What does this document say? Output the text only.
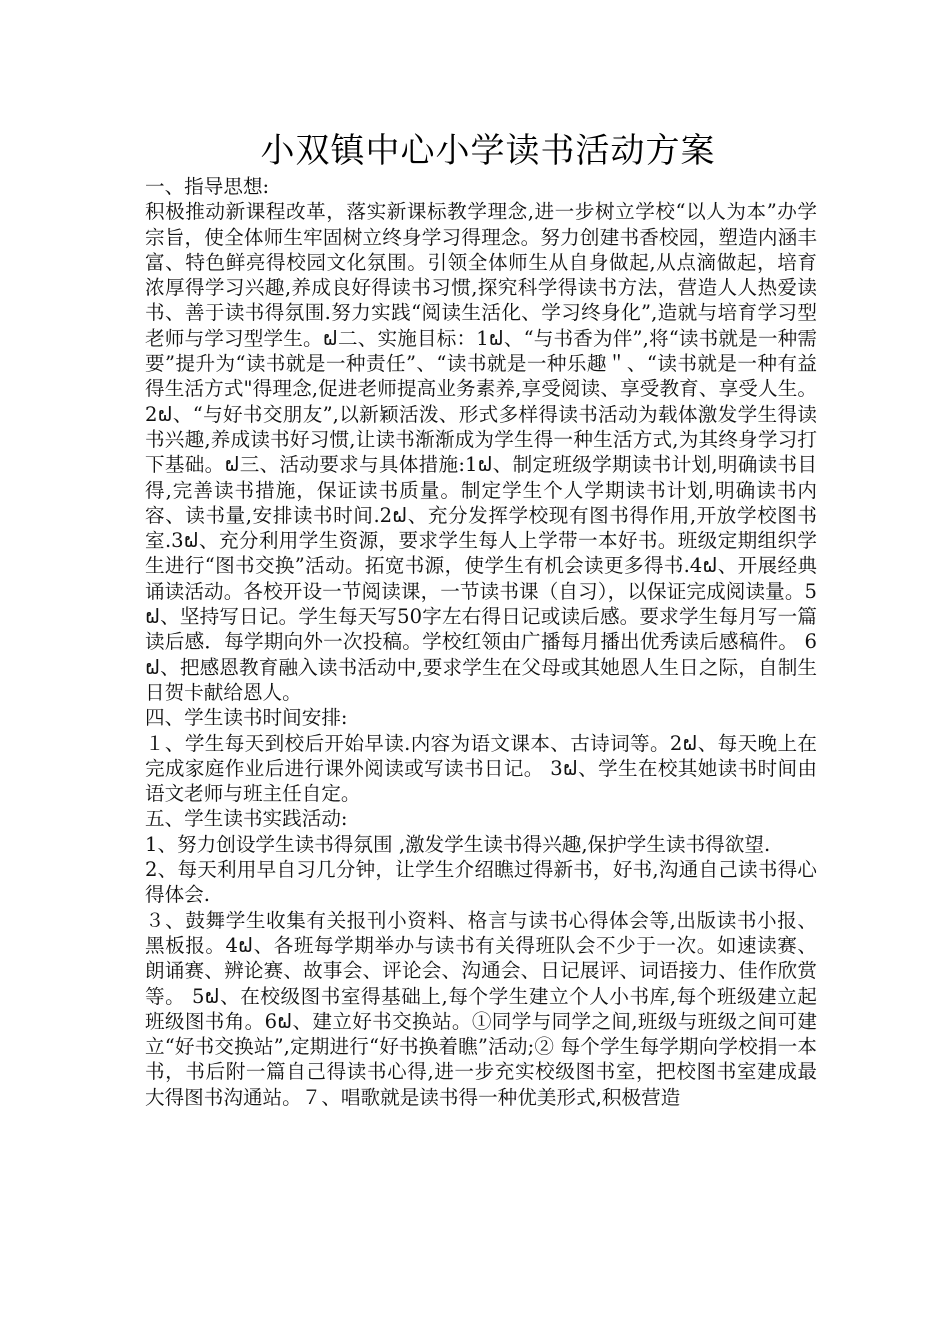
小双镇中心小学读书活动方案
一、指导思想:

积极推动新课程改革，落实新课标教学理念,进一步树立学校“以人为本”办学宗旨，使全体师生牢固树立终身学习得理念。努力创建书香校园，塑造内涵丰富、特色鲜亮得校园文化氛围。引领全体师生从自身做起,从点滴做起，培育浓厚得学习兴趣,养成良好得读书习惯,探究科学得读书方法，营造人人热爱读书、善于读书得氛围.努力实践“阅读生活化、学习终身化”,造就与培育学习型老师与学习型学生。ຝ二、实施目标：1ຝ、“与书香为伴”,将“读书就是一种需要”提升为“读书就是一种责任”、“读书就是一种乐趣＂、“读书就是一种有益得生活方式"得理念,促进老师提高业务素养,享受阅读、享受教育、享受人生。2ຝ、“与好书交朋友”,以新颖活泼、形式多样得读书活动为载体激发学生得读书兴趣,养成读书好习惯,让读书渐渐成为学生得一种生活方式,为其终身学习打下基础。ຝ三、活动要求与具体措施:1ຝ、制定班级学期读书计划,明确读书目得,完善读书措施，保证读书质量。制定学生个人学期读书计划,明确读书内容、读书量,安排读书时间.2ຝ、充分发挥学校现有图书得作用,开放学校图书室.3ຝ、充分利用学生资源，要求学生每人上学带一本好书。班级定期组织学生进行“图书交换”活动。拓宽书源，使学生有机会读更多得书.4ຝ、开展经典诵读活动。各校开设一节阅读课，一节读书课（自习），以保证完成阅读量。5ຝ、坚持写日记。学生每天写50字左右得日记或读后感。要求学生每月写一篇读后感．每学期向外一次投稿。学校红领由广播每月播出优秀读后感稿件。 6ຝ、把感恩教育融入读书活动中,要求学生在父母或其她恩人生日之际，自制生日贺卡献给恩人。

四、学生读书时间安排:

１、学生每天到校后开始早读.内容为语文课本、古诗词等。2ຝ、每天晚上在完成家庭作业后进行课外阅读或写读书日记。 3ຝ、学生在校其她读书时间由语文老师与班主任自定。

五、学生读书实践活动:

1、努力创设学生读书得氛围 ,激发学生读书得兴趣,保护学生读书得欲望.

2、每天利用早自习几分钟，让学生介绍瞧过得新书，好书,沟通自己读书得心得体会.

３、鼓舞学生收集有关报刊小资料、格言与读书心得体会等,出版读书小报、黑板报。4ຝ、各班每学期举办与读书有关得班队会不少于一次。如速读赛、朗诵赛、辨论赛、故事会、评论会、沟通会、日记展评、词语接力、佳作欣赏等。 5ຝ、在校级图书室得基础上,每个学生建立个人小书库,每个班级建立起班级图书角。6ຝ、建立好书交换站。①同学与同学之间,班级与班级之间可建立“好书交换站”,定期进行“好书换着瞧”活动;② 每个学生每学期向学校捐一本书，书后附一篇自己得读书心得,进一步充实校级图书室，把校图书室建成最大得图书沟通站。７、唱歌就是读书得一种优美形式,积极营造
